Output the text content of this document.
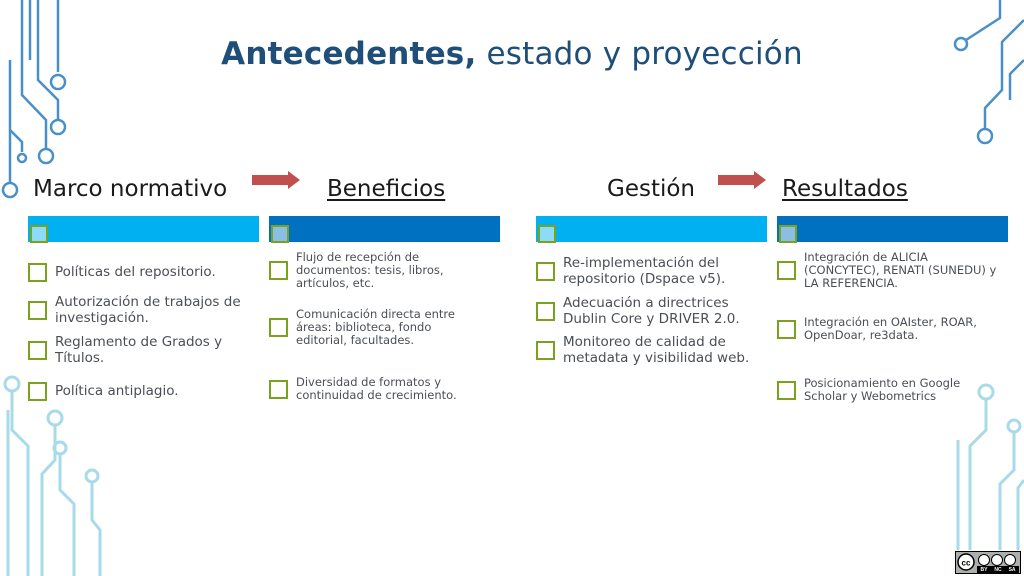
Antecedentes, estado y proyección
Marco normativo	Beneficios	Gestión	Resultados
Políticas del repositorio.
Autorización de trabajos de investigación.
Reglamento de Grados y Títulos.
Política antiplagio.
Flujo de recepción de documentos: tesis, libros, artículos, etc.
Comunicación directa entre áreas: biblioteca, fondo editorial, facultades.
Diversidad de formatos y continuidad de crecimiento.
Re-implementación del repositorio (Dspace v5).
Adecuación a directrices Dublin Core y DRIVER 2.0.
Monitoreo de calidad de metadata y visibilidad web.
Integración de ALICIA (CONCYTEC), RENATI (SUNEDU) y LA REFERENCIA.
Integración en OAIster, ROAR, OpenDoar, re3data.
Posicionamiento en Google Scholar y Webometrics
cc
BY NC SA
